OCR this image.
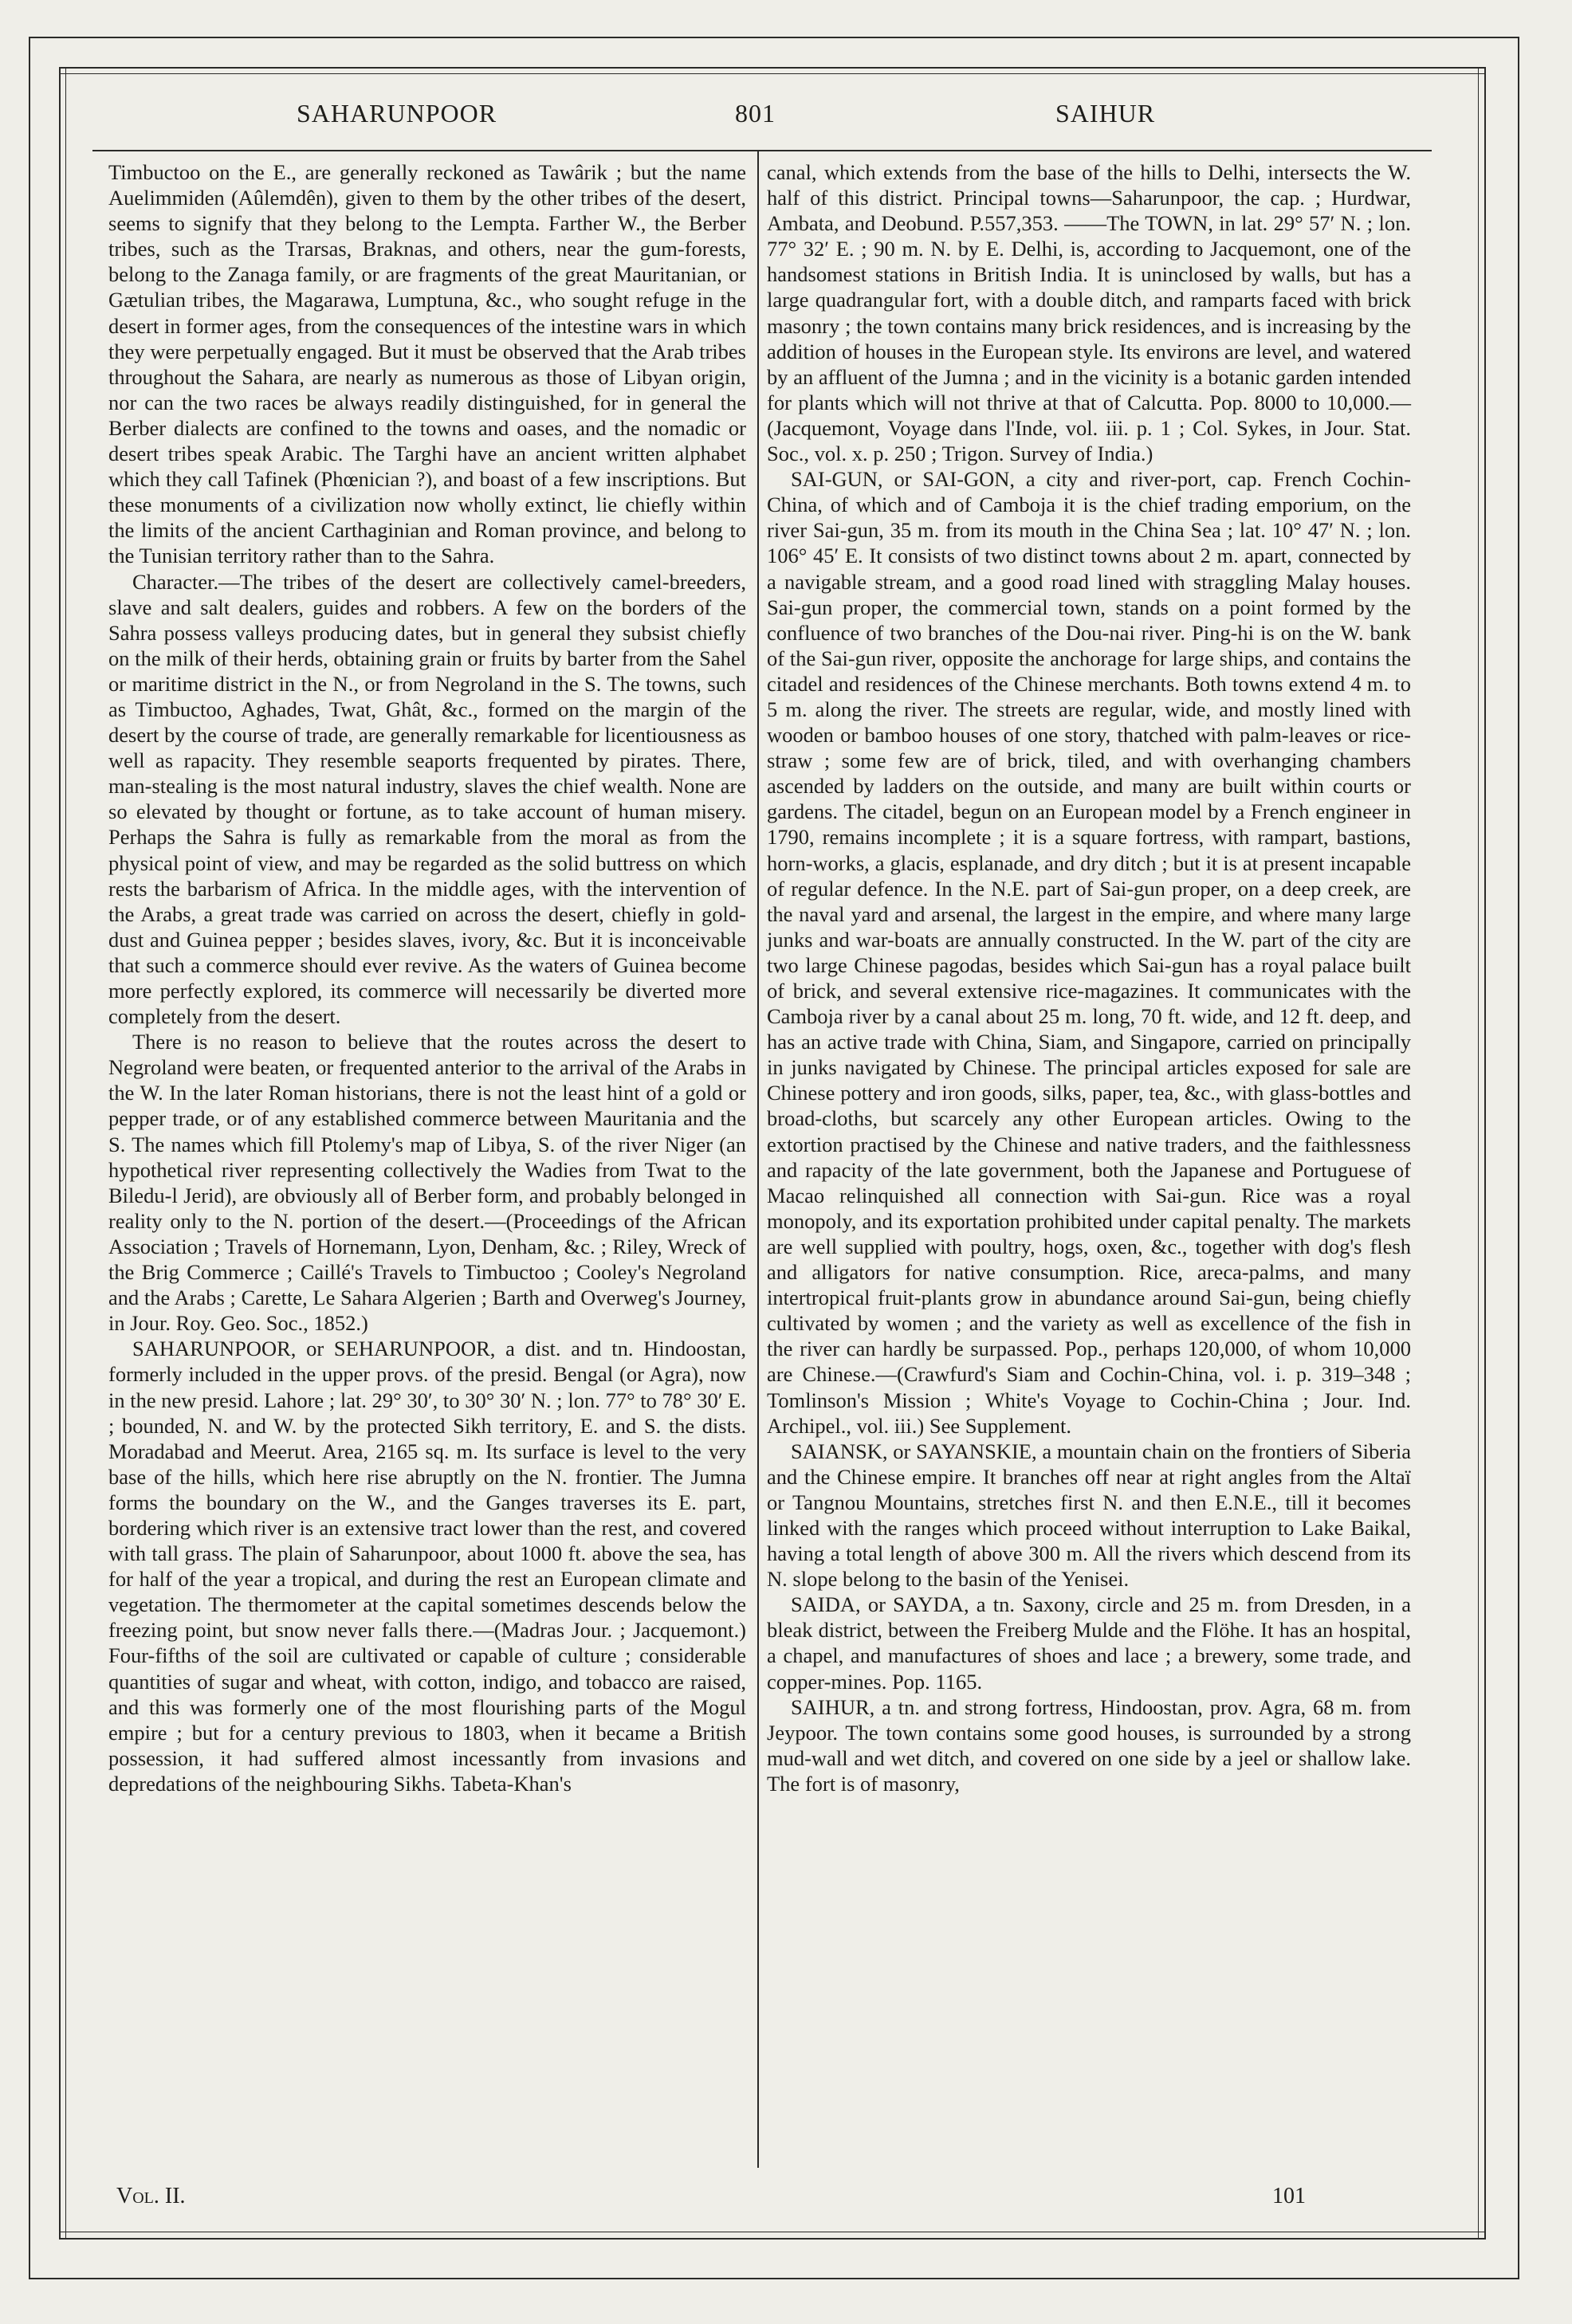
SAHARUNPOOR	801	SAIHUR

Timbuctoo on the E., are generally reckoned as Tawârik ; but the name Auelimmiden (Aûlemdên), given to them by the other tribes of the desert, seems to signify that they belong to the Lempta. Farther W., the Berber tribes, such as the Trarsas, Braknas, and others, near the gum-forests, belong to the Zanaga family, or are fragments of the great Mauritanian, or Gætulian tribes, the Magarawa, Lumptuna, &c., who sought refuge in the desert in former ages, from the consequences of the intestine wars in which they were perpetually engaged. But it must be observed that the Arab tribes throughout the Sahara, are nearly as numerous as those of Libyan origin, nor can the two races be always readily distinguished, for in general the Berber dialects are confined to the towns and oases, and the nomadic or desert tribes speak Arabic. The Targhi have an ancient written alphabet which they call Tafinek (Phœnician ?), and boast of a few inscriptions. But these monuments of a civilization now wholly extinct, lie chiefly within the limits of the ancient Carthaginian and Roman province, and belong to the Tunisian territory rather than to the Sahra.

Character.—The tribes of the desert are collectively camel-breeders, slave and salt dealers, guides and robbers. A few on the borders of the Sahra possess valleys producing dates, but in general they subsist chiefly on the milk of their herds, obtaining grain or fruits by barter from the Sahel or maritime district in the N., or from Negroland in the S. The towns, such as Timbuctoo, Aghades, Twat, Ghât, &c., formed on the margin of the desert by the course of trade, are generally remarkable for licentiousness as well as rapacity. They resemble seaports frequented by pirates. There, man-stealing is the most natural industry, slaves the chief wealth. None are so elevated by thought or fortune, as to take account of human misery. Perhaps the Sahra is fully as remarkable from the moral as from the physical point of view, and may be regarded as the solid buttress on which rests the barbarism of Africa. In the middle ages, with the intervention of the Arabs, a great trade was carried on across the desert, chiefly in gold-dust and Guinea pepper ; besides slaves, ivory, &c. But it is inconceivable that such a commerce should ever revive. As the waters of Guinea become more perfectly explored, its commerce will necessarily be diverted more completely from the desert.

There is no reason to believe that the routes across the desert to Negroland were beaten, or frequented anterior to the arrival of the Arabs in the W. In the later Roman historians, there is not the least hint of a gold or pepper trade, or of any established commerce between Mauritania and the S. The names which fill Ptolemy's map of Libya, S. of the river Niger (an hypothetical river representing collectively the Wadies from Twat to the Biledu-l Jerid), are obviously all of Berber form, and probably belonged in reality only to the N. portion of the desert.—(Proceedings of the African Association ; Travels of Hornemann, Lyon, Denham, &c. ; Riley, Wreck of the Brig Commerce ; Caillé's Travels to Timbuctoo ; Cooley's Negroland and the Arabs ; Carette, Le Sahara Algerien ; Barth and Overweg's Journey, in Jour. Roy. Geo. Soc., 1852.)

SAHARUNPOOR, or SEHARUNPOOR, a dist. and tn. Hindoostan, formerly included in the upper provs. of the presid. Bengal (or Agra), now in the new presid. Lahore ; lat. 29° 30′, to 30° 30′ N. ; lon. 77° to 78° 30′ E. ; bounded, N. and W. by the protected Sikh territory, E. and S. the dists. Moradabad and Meerut. Area, 2165 sq. m. Its surface is level to the very base of the hills, which here rise abruptly on the N. frontier. The Jumna forms the boundary on the W., and the Ganges traverses its E. part, bordering which river is an extensive tract lower than the rest, and covered with tall grass. The plain of Saharunpoor, about 1000 ft. above the sea, has for half of the year a tropical, and during the rest an European climate and vegetation. The thermometer at the capital sometimes descends below the freezing point, but snow never falls there.—(Madras Jour. ; Jacquemont.) Four-fifths of the soil are cultivated or capable of culture ; considerable quantities of sugar and wheat, with cotton, indigo, and tobacco are raised, and this was formerly one of the most flourishing parts of the Mogul empire ; but for a century previous to 1803, when it became a British possession, it had suffered almost incessantly from invasions and depredations of the neighbouring Sikhs. Tabeta-Khan's

canal, which extends from the base of the hills to Delhi, intersects the W. half of this district. Principal towns—Saharunpoor, the cap. ; Hurdwar, Ambata, and Deobund. P.557,353. ——The TOWN, in lat. 29° 57′ N. ; lon. 77° 32′ E. ; 90 m. N. by E. Delhi, is, according to Jacquemont, one of the handsomest stations in British India. It is uninclosed by walls, but has a large quadrangular fort, with a double ditch, and ramparts faced with brick masonry ; the town contains many brick residences, and is increasing by the addition of houses in the European style. Its environs are level, and watered by an affluent of the Jumna ; and in the vicinity is a botanic garden intended for plants which will not thrive at that of Calcutta. Pop. 8000 to 10,000.—(Jacquemont, Voyage dans l'Inde, vol. iii. p. 1 ; Col. Sykes, in Jour. Stat. Soc., vol. x. p. 250 ; Trigon. Survey of India.)

SAI-GUN, or SAI-GON, a city and river-port, cap. French Cochin-China, of which and of Camboja it is the chief trading emporium, on the river Sai-gun, 35 m. from its mouth in the China Sea ; lat. 10° 47′ N. ; lon. 106° 45′ E. It consists of two distinct towns about 2 m. apart, connected by a navigable stream, and a good road lined with straggling Malay houses. Sai-gun proper, the commercial town, stands on a point formed by the confluence of two branches of the Dou-nai river. Ping-hi is on the W. bank of the Sai-gun river, opposite the anchorage for large ships, and contains the citadel and residences of the Chinese merchants. Both towns extend 4 m. to 5 m. along the river. The streets are regular, wide, and mostly lined with wooden or bamboo houses of one story, thatched with palm-leaves or rice-straw ; some few are of brick, tiled, and with overhanging chambers ascended by ladders on the outside, and many are built within courts or gardens. The citadel, begun on an European model by a French engineer in 1790, remains incomplete ; it is a square fortress, with rampart, bastions, horn-works, a glacis, esplanade, and dry ditch ; but it is at present incapable of regular defence. In the N.E. part of Sai-gun proper, on a deep creek, are the naval yard and arsenal, the largest in the empire, and where many large junks and war-boats are annually constructed. In the W. part of the city are two large Chinese pagodas, besides which Sai-gun has a royal palace built of brick, and several extensive rice-magazines. It communicates with the Camboja river by a canal about 25 m. long, 70 ft. wide, and 12 ft. deep, and has an active trade with China, Siam, and Singapore, carried on principally in junks navigated by Chinese. The principal articles exposed for sale are Chinese pottery and iron goods, silks, paper, tea, &c., with glass-bottles and broad-cloths, but scarcely any other European articles. Owing to the extortion practised by the Chinese and native traders, and the faithlessness and rapacity of the late government, both the Japanese and Portuguese of Macao relinquished all connection with Sai-gun. Rice was a royal monopoly, and its exportation prohibited under capital penalty. The markets are well supplied with poultry, hogs, oxen, &c., together with dog's flesh and alligators for native consumption. Rice, areca-palms, and many intertropical fruit-plants grow in abundance around Sai-gun, being chiefly cultivated by women ; and the variety as well as excellence of the fish in the river can hardly be surpassed. Pop., perhaps 120,000, of whom 10,000 are Chinese.—(Crawfurd's Siam and Cochin-China, vol. i. p. 319–348 ; Tomlinson's Mission ; White's Voyage to Cochin-China ; Jour. Ind. Archipel., vol. iii.) See Supplement.

SAIANSK, or SAYANSKIE, a mountain chain on the frontiers of Siberia and the Chinese empire. It branches off near at right angles from the Altaï or Tangnou Mountains, stretches first N. and then E.N.E., till it becomes linked with the ranges which proceed without interruption to Lake Baikal, having a total length of above 300 m. All the rivers which descend from its N. slope belong to the basin of the Yenisei.

SAIDA, or SAYDA, a tn. Saxony, circle and 25 m. from Dresden, in a bleak district, between the Freiberg Mulde and the Flöhe. It has an hospital, a chapel, and manufactures of shoes and lace ; a brewery, some trade, and copper-mines. Pop. 1165.

SAIHUR, a tn. and strong fortress, Hindoostan, prov. Agra, 68 m. from Jeypoor. The town contains some good houses, is surrounded by a strong mud-wall and wet ditch, and covered on one side by a jeel or shallow lake. The fort is of masonry,

Vol. II.	101
